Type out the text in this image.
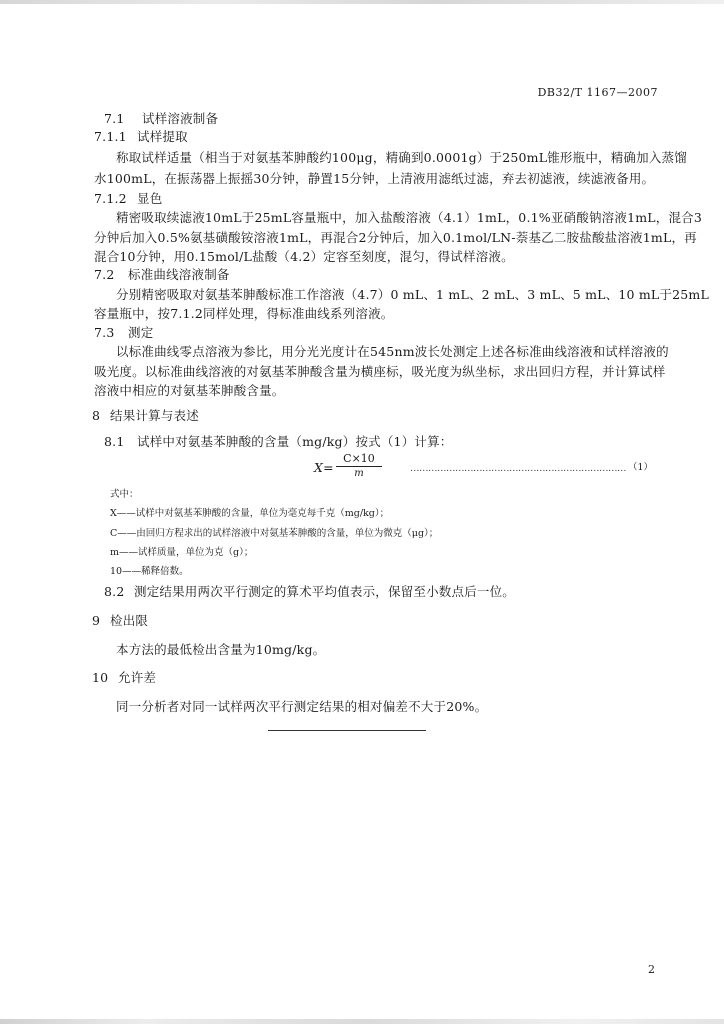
DB32/T 1167—2007
7.1 试样溶液制备
7.1.1 试样提取
称取试样适量（相当于对氨基苯胂酸约100μg，精确到0.0001g）于250mL锥形瓶中，精确加入蒸馏
水100mL，在振荡器上振摇30分钟，静置15分钟，上清液用滤纸过滤，弃去初滤液，续滤液备用。
7.1.2 显色
精密吸取续滤液10mL于25mL容量瓶中，加入盐酸溶液（4.1）1mL，0.1%亚硝酸钠溶液1mL，混合3
分钟后加入0.5%氨基磺酸铵溶液1mL，再混合2分钟后，加入0.1mol/LN-萘基乙二胺盐酸盐溶液1mL，再
混合10分钟，用0.15mol/L盐酸（4.2）定容至刻度，混匀，得试样溶液。
7.2 标准曲线溶液制备
分别精密吸取对氨基苯胂酸标准工作溶液（4.7）0 mL、1 mL、2 mL、3 mL、5 mL、10 mL于25mL
容量瓶中，按7.1.2同样处理，得标准曲线系列溶液。
7.3 测定
以标准曲线零点溶液为参比，用分光光度计在545nm波长处测定上述各标准曲线溶液和试样溶液的
吸光度。以标准曲线溶液的对氨基苯胂酸含量为横座标，吸光度为纵坐标，求出回归方程，并计算试样
溶液中相应的对氨基苯胂酸含量。
8 结果计算与表述
8.1 试样中对氨基苯胂酸的含量（mg/kg）按式（1）计算：
X=
C×10
m	……………………………………………………………… （1）
式中：
X——试样中对氨基苯胂酸的含量，单位为毫克每千克（mg/kg）；
C——由回归方程求出的试样溶液中对氨基苯胂酸的含量，单位为微克（μg）；
m——试样质量，单位为克（g）；
10——稀释倍数。
8.2 测定结果用两次平行测定的算术平均值表示，保留至小数点后一位。
9 检出限
本方法的最低检出含量为10mg/kg。
10 允许差
同一分析者对同一试样两次平行测定结果的相对偏差不大于20%。
2
